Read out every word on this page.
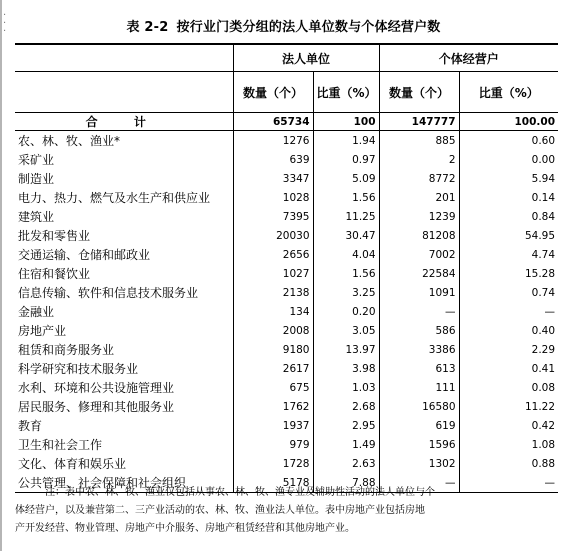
·
·
·	表 2-2 按行业门类分组的法人单位数与个体经营户数
	法人单位		个体经营户	
	数量（个）	比重（%）	数量（个）	比重（%）
合 计	65734	100	147777	100.00
农、林、牧、渔业*	1276	1.94	885	0.60
采矿业	639	0.97	2	0.00
制造业	3347	5.09	8772	5.94
电力、热力、燃气及水生产和供应业	1028	1.56	201	0.14
建筑业	7395	11.25	1239	0.84
批发和零售业	20030	30.47	81208	54.95
交通运输、仓储和邮政业	2656	4.04	7002	4.74
住宿和餐饮业	1027	1.56	22584	15.28
信息传输、软件和信息技术服务业	2138	3.25	1091	0.74
金融业	134	0.20	—	—
房地产业	2008	3.05	586	0.40
租赁和商务服务业	9180	13.97	3386	2.29
科学研究和技术服务业	2617	3.98	613	0.41
水利、环境和公共设施管理业	675	1.03	111	0.08
居民服务、修理和其他服务业	1762	2.68	16580	11.22
教育	1937	2.95	619	0.42
卫生和社会工作	979	1.49	1596	1.08
文化、体育和娱乐业	1728	2.63	1302	0.88
公共管理、社会保障和社会组织	5178	7.88	—	—
注：表中农、林、牧、渔业仅包括从事农、林、牧、渔专业及辅助性活动的法人单位与个
体经营户，以及兼营第二、三产业活动的农、林、牧、渔业法人单位。表中房地产业包括房地
产开发经营、物业管理、房地产中介服务、房地产租赁经营和其他房地产业。
